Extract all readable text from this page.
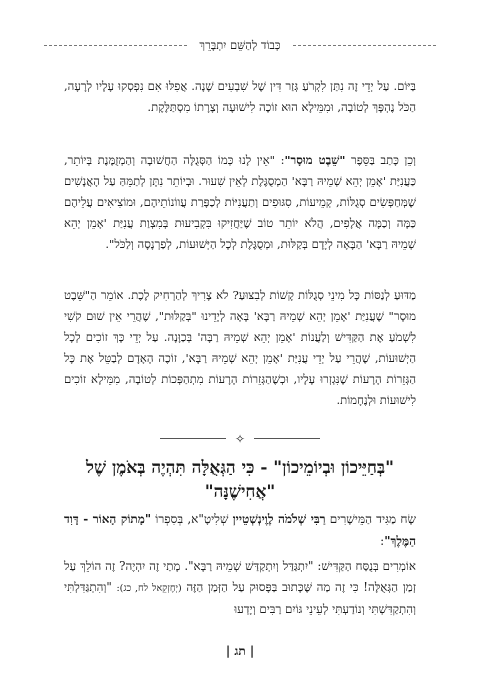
כְּבוֹד לְהַשֵּׁם יִתְבָּרֵךְ

בַּיּוֹם. עַל יְדֵי זֶה נִתַּן לִקְרֹעַ גְּזַר דִּין שֶׁל שִׁבְעִים שָׁנָה. אֲפִלּוּ אִם נִפְסְקוּ עָלָיו לְרָעָה, הַכֹּל נֶהְפָּךְ לְטוֹבָה, וּמִמֵּילָא הוּא זוֹכֶה לִישׁוּעָה וְצָרָתוֹ מִסְתַּלֶּקֶת.

וְכֵן כָּתַב בַּסֵּפֶר "שֵׁבֶט מוּסָר": "אֵין לָנוּ כְּמוֹ הַסְּגֻלָּה הַחֲשׁוּבָה וְהַמְזֻמֶּנֶת בְּיוֹתֵר, כַּעֲנִיַּת 'אָמֵן יְהֵא שְׁמֵיהּ רַבָּא' הַמְסֻגֶּלֶת לְאֵין שִׁעוּר. וּבְיוֹתֵר נִתָּן לְתַמֵּהַּ עַל הָאֲנָשִׁים שֶׁמְּחַפְּשִׂים סְגֻלּוֹת, קְמֵיעוֹת, סִגּוּפִים וְתַעֲנִיּוֹת לְכַפָּרַת עֲווֹנוֹתֵיהֶם, וּמוֹצִיאִים עֲלֵיהֶם כַּמָּה וְכַמָּה אֲלָפִים, הֲלֹא יוֹתֵר טוֹב שֶׁיַּחֲזִיקוּ בִּקְבִיעוּת בְּמִצְוַת עֲנִיַּת 'אָמֵן יְהֵא שְׁמֵיהּ רַבָּא' הַבָּאָה לְיָדָם בְּקַלּוּת, וּמְסֻגֶּלֶת לְכָל הַיְּשׁוּעוֹת, לְפַרְנָסָה וְלַכֹּל".

מַדּוּעַ לְנַסּוֹת כָּל מִינֵי סְגֻלּוֹת קָשׁוֹת לְבִצּוּעַ? לֹא צָרִיךְ לְהַרְחִיק לֶכֶת. אוֹמֵר הַ"שֵּׁבֶט מוּסָר" שֶׁעֲנִיַּת 'אָמֵן יְהֵא שְׁמֵיהּ רַבָּא' בָּאָה לְיָדֵינוּ "בְּקַלּוּת", שֶׁהֲרֵי אֵין שׁוּם קֹשִׁי לִשְׁמֹעַ אֶת הַקַּדִּישׁ וְלַעֲנוֹת 'אָמֵן יְהֵא שְׁמֵיהּ רַבָּה' בְּכַוָּנָה. עַל יְדֵי כָּךְ זוֹכִים לְכָל הַיְשׁוּעוֹת, שֶׁהֲרֵי עַל יְדֵי עֲנִיַּת 'אָמֵן יְהֵא שְׁמֵיהּ רַבָּא', זוֹכֶה הָאָדָם לְבַטֵּל אֶת כָּל הַגְּזֵרוֹת הָרָעוֹת שֶׁנִּגְזְרוּ עָלָיו, וּכְשֶׁהַגְּזֵרוֹת הָרָעוֹת מִתְהַפְּכוֹת לְטוֹבָה, מִמֵּילָא זוֹכִים לִישׁוּעוֹת וּלְנֶחָמוֹת.

✧
"בְּחַיֵּיכוֹן וּבְיוֹמֵיכוֹן" - כִּי הַגְּאֻלָּה תִּהְיֶה בְּאֹמֶן שֶׁל "אֲחִישֶׁנָּה"

שָׂח מַגִּיד הַמֵּישָׁרִים רַבִּי שְׁלֹמֹה לֶוֶינְשְׁטֵיין שְׁלִיטָ"א, בְּסִפְרוֹ "מָתוֹק הָאוֹר - דָּוִד הַמֶּלֶךְ":

אוֹמְרִים בְּנֻסַּח הַקַּדִּישׁ: "יִתְגַּדַּל וְיִתְקַדַּשׁ שְׁמֵיהּ רַבָּא". מָתַי זֶה יִהְיֶה? זֶה הוֹלֵךְ עַל זְמַן הַגְּאֻלָּה! כִּי זֶה מַה שֶּׁכָּתוּב בַּפָּסוּק עַל הַזְּמַן הַזֶּה (יְחֶזְקֵאל לח, כג): "וְהִתְגַּדִּלְתִּי וְהִתְקַדִּשְׁתִּי וְנוֹדַעְתִּי לְעֵינֵי גּוֹיִם רַבִּים וְיָדְעוּ

| תג |
